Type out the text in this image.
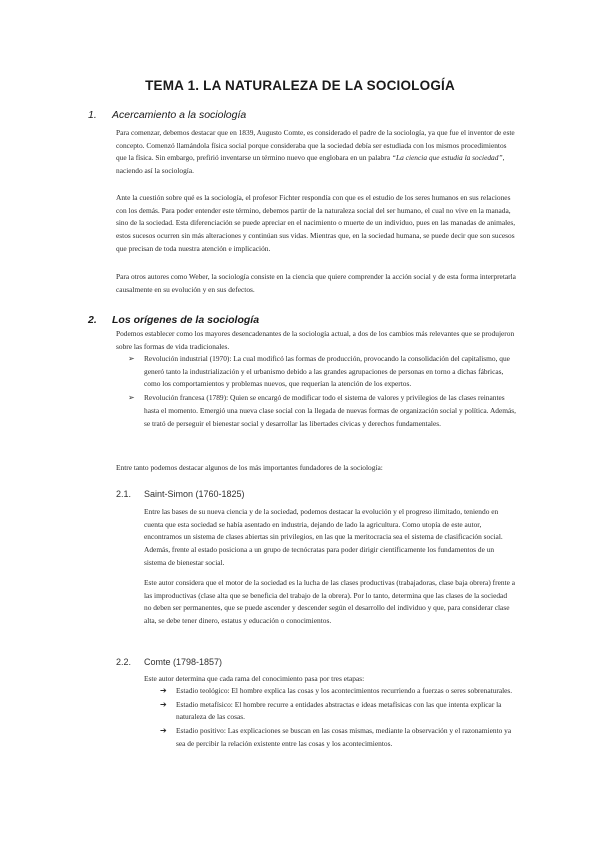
TEMA 1. LA NATURALEZA DE LA SOCIOLOGÍA
1. Acercamiento a la sociología

Para comenzar, debemos destacar que en 1839, Augusto Comte, es considerado el padre de la sociología, ya que fue el inventor de este concepto. Comenzó llamándola física social porque consideraba que la sociedad debía ser estudiada con los mismos procedimientos que la física. Sin embargo, prefirió inventarse un término nuevo que englobara en un palabra “La ciencia que estudia la sociedad”, naciendo así la sociología.

Ante la cuestión sobre qué es la sociología, el profesor Fichter respondía con que es el estudio de los seres humanos en sus relaciones con los demás. Para poder entender este término, debemos partir de la naturaleza social del ser humano, el cual no vive en la manada, sino de la sociedad. Esta diferenciación se puede apreciar en el nacimiento o muerte de un individuo, pues en las manadas de animales, estos sucesos ocurren sin más alteraciones y continúan sus vidas. Mientras que, en la sociedad humana, se puede decir que son sucesos que precisan de toda nuestra atención e implicación.

Para otros autores como Weber, la sociología consiste en la ciencia que quiere comprender la acción social y de esta forma interpretarla causalmente en su evolución y en sus defectos.

2. Los orígenes de la sociología

Podemos establecer como los mayores desencadenantes de la sociología actual, a dos de los cambios más relevantes que se produjeron sobre las formas de vida tradicionales.

➢ Revolución industrial (1970): La cual modificó las formas de producción, provocando la consolidación del capitalismo, que generó tanto la industrialización y el urbanismo debido a las grandes agrupaciones de personas en torno a dichas fábricas, como los comportamientos y problemas nuevos, que requerían la atención de los expertos.
➢ Revolución francesa (1789): Quien se encargó de modificar todo el sistema de valores y privilegios de las clases reinantes hasta el momento. Emergió una nueva clase social con la llegada de nuevas formas de organización social y política. Además, se trató de perseguir el bienestar social y desarrollar las libertades cívicas y derechos fundamentales.

Entre tanto podemos destacar algunos de los más importantes fundadores de la sociología:

2.1. Saint-Simon (1760-1825)

Entre las bases de su nueva ciencia y de la sociedad, podemos destacar la evolución y el progreso ilimitado, teniendo en cuenta que esta sociedad se había asentado en industria, dejando de lado la agricultura. Como utopía de este autor, encontramos un sistema de clases abiertas sin privilegios, en las que la meritocracia sea el sistema de clasificación social. Además, frente al estado posiciona a un grupo de tecnócratas para poder dirigir científicamente los fundamentos de un sistema de bienestar social.

Este autor considera que el motor de la sociedad es la lucha de las clases productivas (trabajadoras, clase baja obrera) frente a las improductivas (clase alta que se beneficia del trabajo de la obrera). Por lo tanto, determina que las clases de la sociedad no deben ser permanentes, que se puede ascender y descender según el desarrollo del individuo y que, para considerar clase alta, se debe tener dinero, estatus y educación o conocimientos.

2.2. Comte (1798-1857)

Este autor determina que cada rama del conocimiento pasa por tres etapas:

➔ Estadio teológico: El hombre explica las cosas y los acontecimientos recurriendo a fuerzas o seres sobrenaturales.
➔ Estadio metafísico: El hombre recurre a entidades abstractas e ideas metafísicas con las que intenta explicar la naturaleza de las cosas.
➔ Estadio positivo: Las explicaciones se buscan en las cosas mismas, mediante la observación y el razonamiento ya sea de percibir la relación existente entre las cosas y los acontecimientos.
